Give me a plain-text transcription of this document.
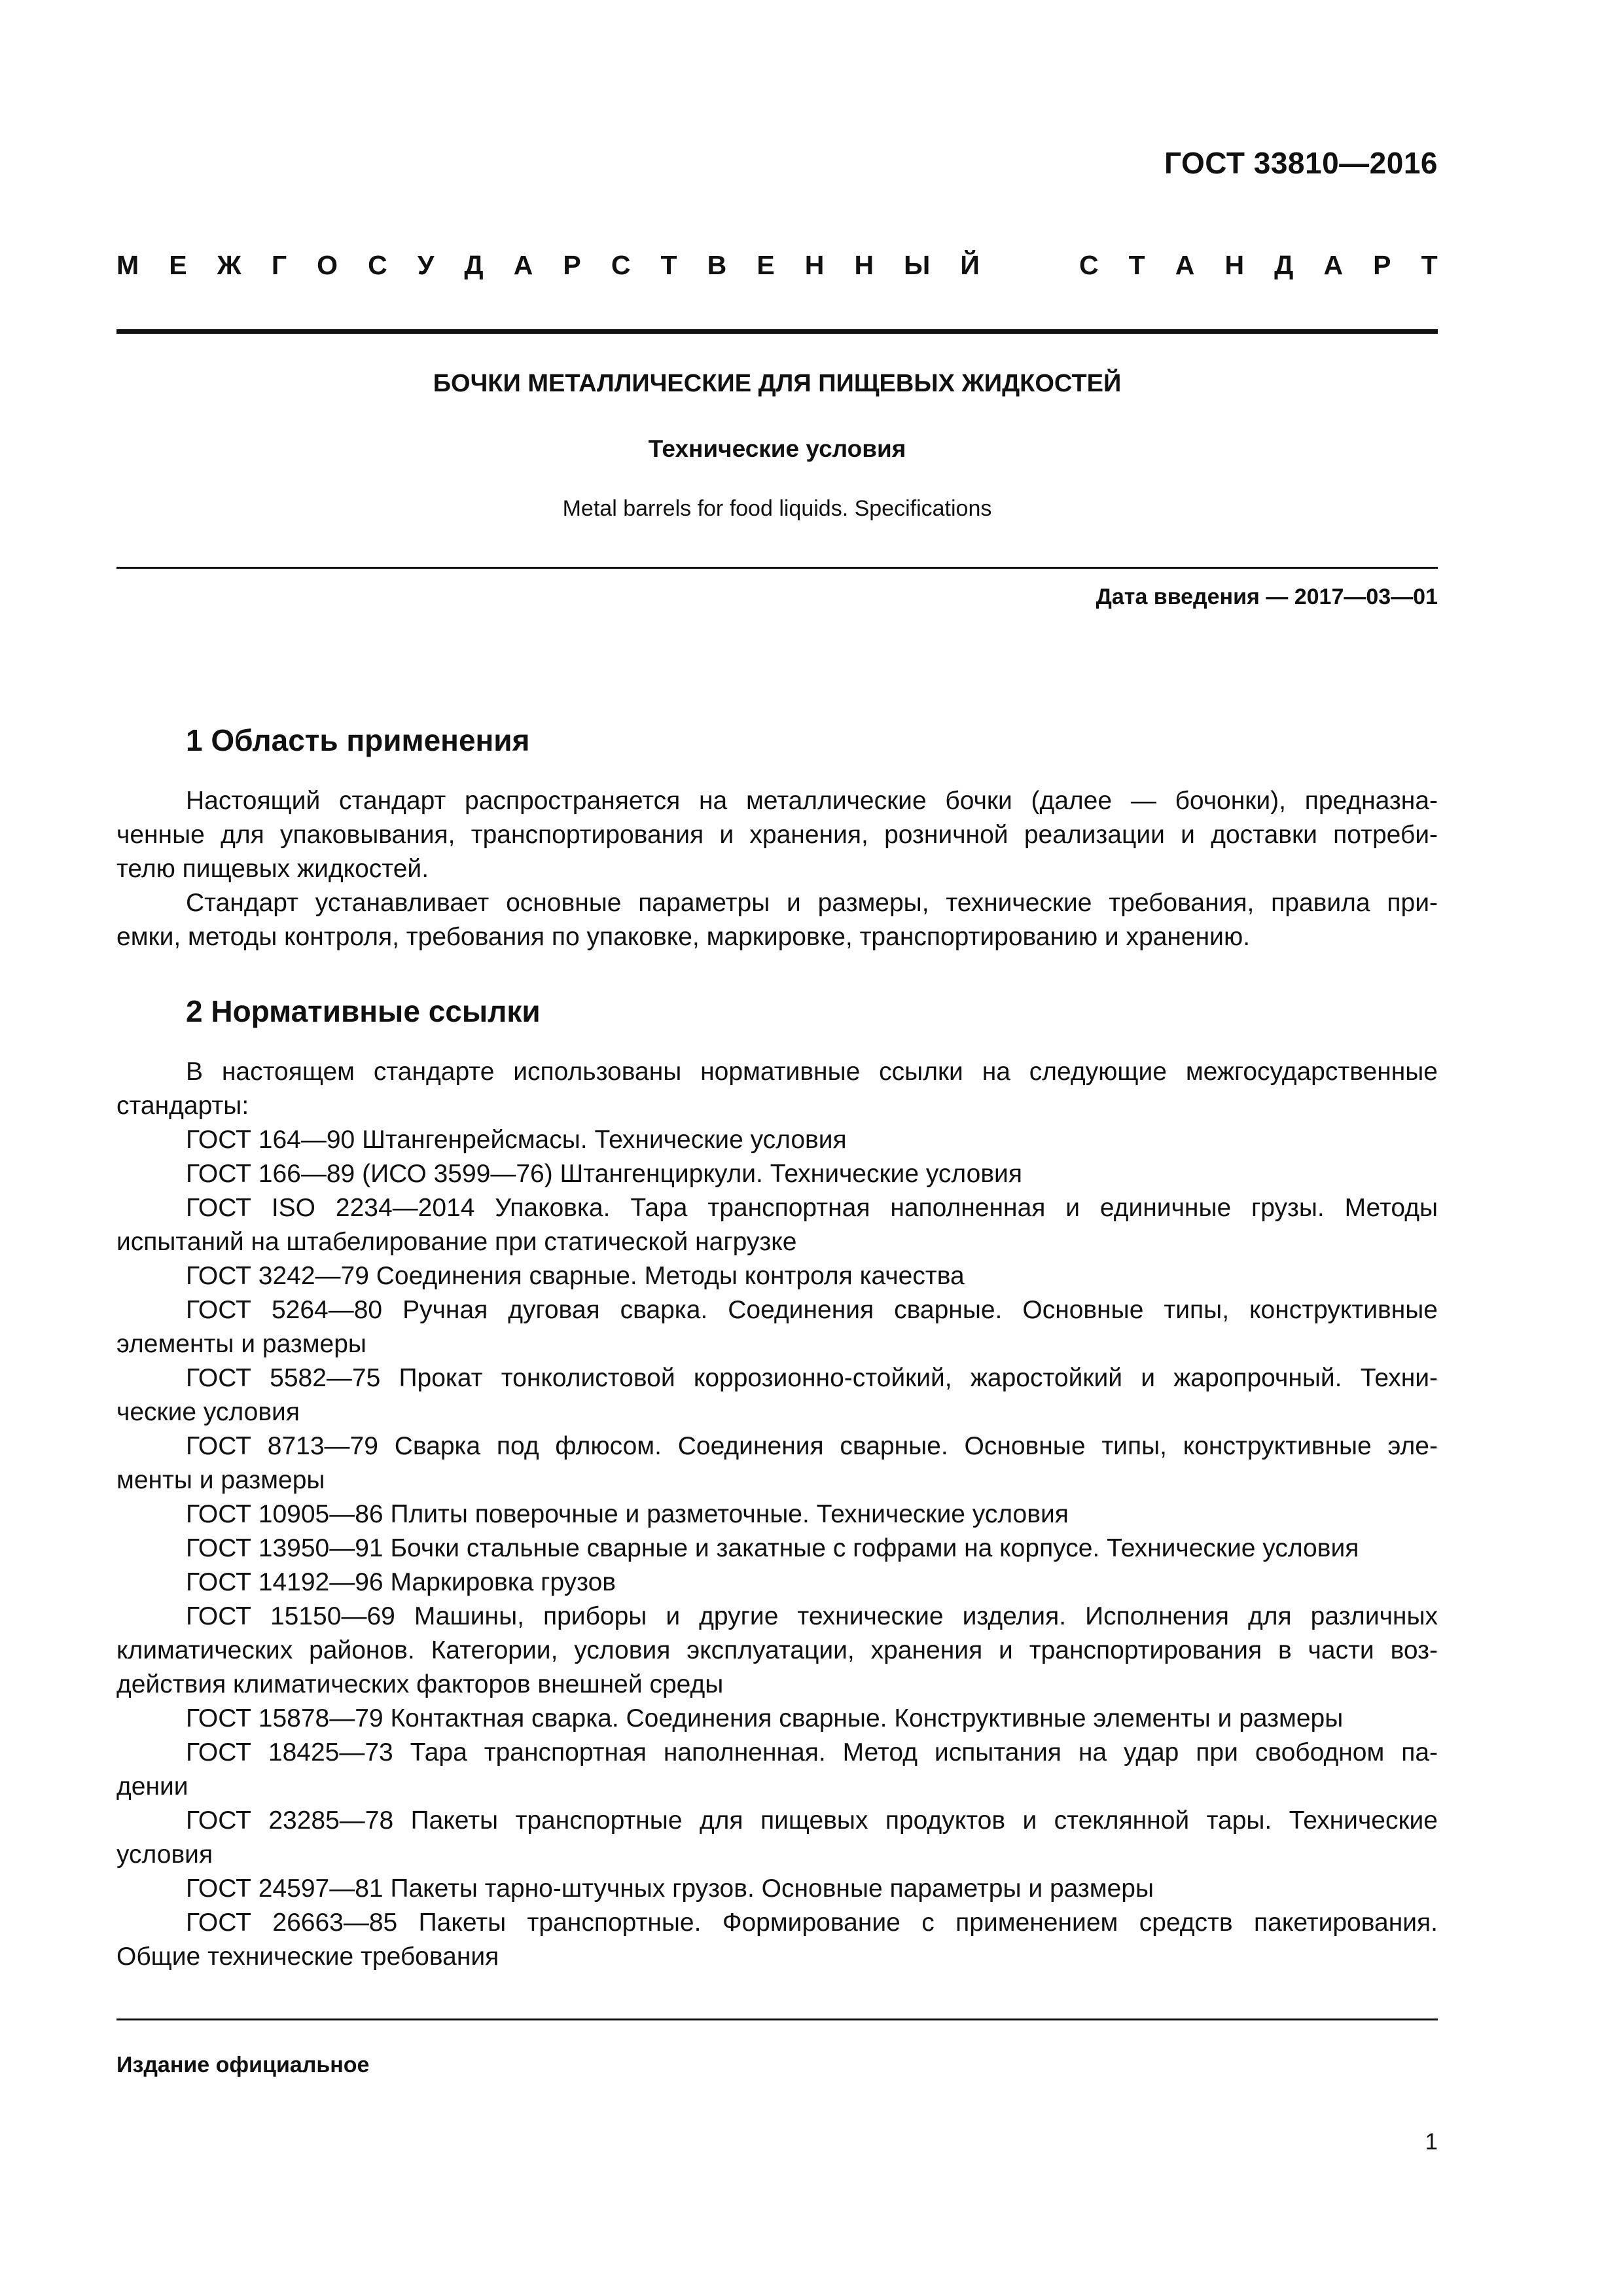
ГОСТ 33810—2016
М Е Ж Г О С У Д А Р С Т В Е Н Н Ы Й	С Т А Н Д А Р Т
БОЧКИ МЕТАЛЛИЧЕСКИЕ ДЛЯ ПИЩЕВЫХ ЖИДКОСТЕЙ
Технические условия
Metal barrels for food liquids. Specifications
Дата введения — 2017—03—01
1 Область применения
Настоящий стандарт распространяется на металлические бочки (далее — бочонки), предназна-
ченные для упаковывания, транспортирования и хранения, розничной реализации и доставки потреби-
телю пищевых жидкостей.
Стандарт устанавливает основные параметры и размеры, технические требования, правила при-
емки, методы контроля, требования по упаковке, маркировке, транспортированию и хранению.
2 Нормативные ссылки
В настоящем стандарте использованы нормативные ссылки на следующие межгосударственные
стандарты:
ГОСТ 164—90 Штангенрейсмасы. Технические условия
ГОСТ 166—89 (ИСО 3599—76) Штангенциркули. Технические условия
ГОСТ ISO 2234—2014 Упаковка. Тара транспортная наполненная и единичные грузы. Методы
испытаний на штабелирование при статической нагрузке
ГОСТ 3242—79 Соединения сварные. Методы контроля качества
ГОСТ 5264—80 Ручная дуговая сварка. Соединения сварные. Основные типы, конструктивные
элементы и размеры
ГОСТ 5582—75 Прокат тонколистовой коррозионно-стойкий, жаростойкий и жаропрочный. Техни-
ческие условия
ГОСТ 8713—79 Сварка под флюсом. Соединения сварные. Основные типы, конструктивные эле-
менты и размеры
ГОСТ 10905—86 Плиты поверочные и разметочные. Технические условия
ГОСТ 13950—91 Бочки стальные сварные и закатные с гофрами на корпусе. Технические условия
ГОСТ 14192—96 Маркировка грузов
ГОСТ 15150—69 Машины, приборы и другие технические изделия. Исполнения для различных
климатических районов. Категории, условия эксплуатации, хранения и транспортирования в части воз-
действия климатических факторов внешней среды
ГОСТ 15878—79 Контактная сварка. Соединения сварные. Конструктивные элементы и размеры
ГОСТ 18425—73 Тара транспортная наполненная. Метод испытания на удар при свободном па-
дении
ГОСТ 23285—78 Пакеты транспортные для пищевых продуктов и стеклянной тары. Технические
условия
ГОСТ 24597—81 Пакеты тарно-штучных грузов. Основные параметры и размеры
ГОСТ 26663—85 Пакеты транспортные. Формирование с применением средств пакетирования.
Общие технические требования
Издание официальное
1
